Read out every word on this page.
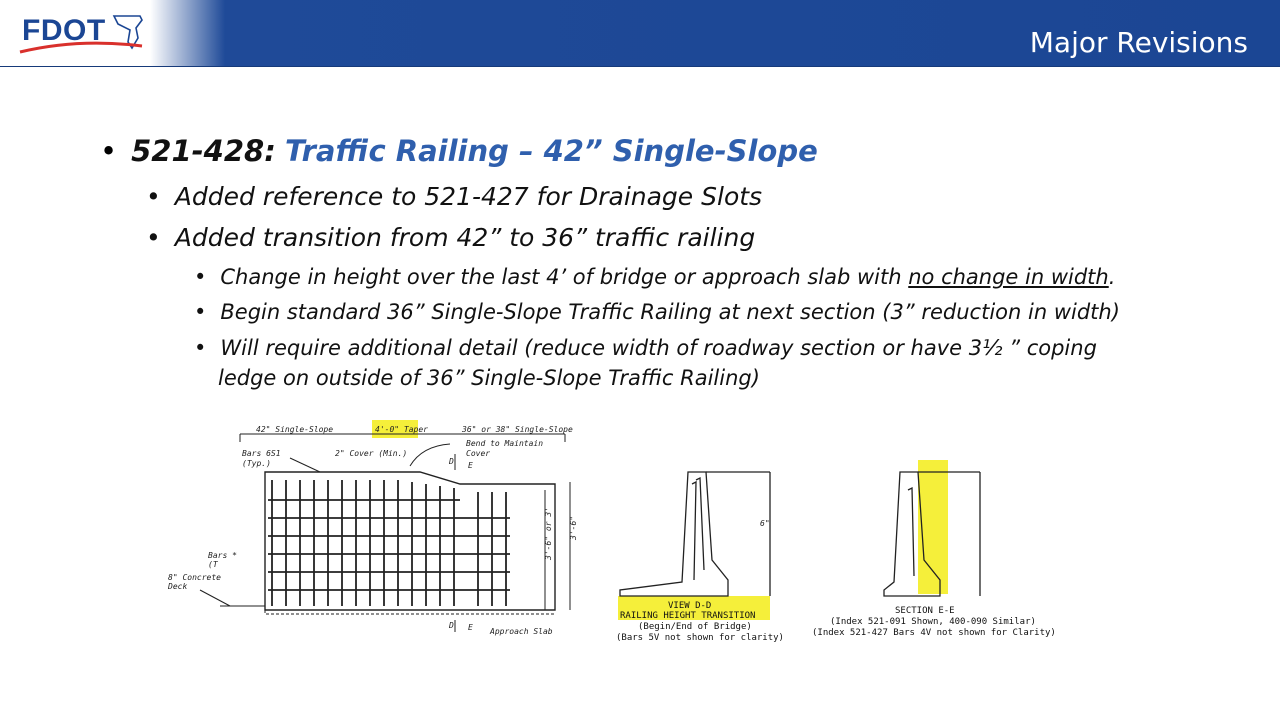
FDOT	Major Revisions
• 521-428: Traffic Railing – 42” Single-Slope
• Added reference to 521-427 for Drainage Slots
• Added transition from 42” to 36” traffic railing
• Change in height over the last 4’ of bridge or approach slab with no change in width.
• Begin standard 36” Single-Slope Traffic Railing at next section (3” reduction in width)
• Will require additional detail (reduce width of roadway section or have 3½ ” coping
ledge on outside of 36” Single-Slope Traffic Railing)
42" Single-Slope	4'-0" Taper	36" or 38" Single-Slope
Bend to Maintain
Cover
2" Cover (Min.)
Bars 6S1
(Typ.)
Bars *
(T
8" Concrete
Deck
Approach Slab
D E
D E
3'-6" or 3' 3'-6"	6"
VIEW D-D
RAILING HEIGHT TRANSITION
(Begin/End of Bridge)
(Bars 5V not shown for clarity)
SECTION E-E
(Index 521-091 Shown, 400-090 Similar)
(Index 521-427 Bars 4V not shown for Clarity)
